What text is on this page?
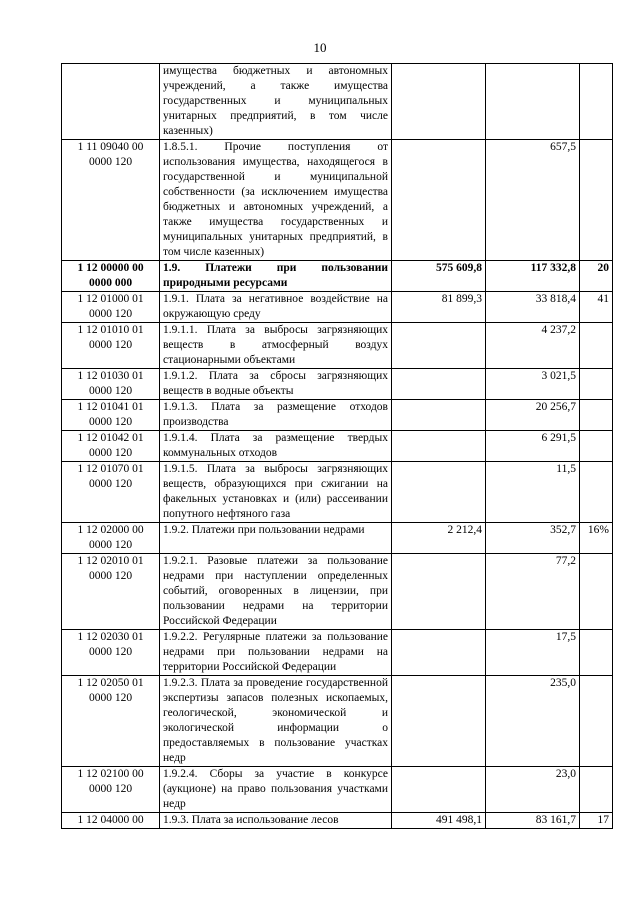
10
	имущества бюджетных и автономных учреждений, а также имущества государственных и муниципальных унитарных предприятий, в том числе казенных)			
1 11 09040 00 0000 120	1.8.5.1. Прочие поступления от использования имущества, находящегося в государственной и муниципальной собственности (за исключением имущества бюджетных и автономных учреждений, а также имущества государственных и муниципальных унитарных предприятий, в том числе казенных)		657,5	
1 12 00000 00 0000 000	1.9. Платежи при пользовании природными ресурсами	575 609,8	117 332,8	20
1 12 01000 01 0000 120	1.9.1. Плата за негативное воздействие на окружающую среду	81 899,3	33 818,4	41
1 12 01010 01 0000 120	1.9.1.1. Плата за выбросы загрязняющих веществ в атмосферный воздух стационарными объектами		4 237,2	
1 12 01030 01 0000 120	1.9.1.2. Плата за сбросы загрязняющих веществ в водные объекты		3 021,5	
1 12 01041 01 0000 120	1.9.1.3. Плата за размещение отходов производства		20 256,7	
1 12 01042 01 0000 120	1.9.1.4. Плата за размещение твердых коммунальных отходов		6 291,5	
1 12 01070 01 0000 120	1.9.1.5. Плата за выбросы загрязняющих веществ, образующихся при сжигании на факельных установках и (или) рассеивании попутного нефтяного газа		11,5	
1 12 02000 00 0000 120	1.9.2. Платежи при пользовании недрами	2 212,4	352,7	16%
1 12 02010 01 0000 120	1.9.2.1. Разовые платежи за пользование недрами при наступлении определенных событий, оговоренных в лицензии, при пользовании недрами на территории Российской Федерации		77,2	
1 12 02030 01 0000 120	1.9.2.2. Регулярные платежи за пользование недрами при пользовании недрами на территории Российской Федерации		17,5	
1 12 02050 01 0000 120	1.9.2.3. Плата за проведение государственной экспертизы запасов полезных ископаемых, геологической, экономической и экологической информации о предоставляемых в пользование участках недр		235,0	
1 12 02100 00 0000 120	1.9.2.4. Сборы за участие в конкурсе (аукционе) на право пользования участками недр		23,0	
1 12 04000 00	1.9.3. Плата за использование лесов	491 498,1	83 161,7	17
